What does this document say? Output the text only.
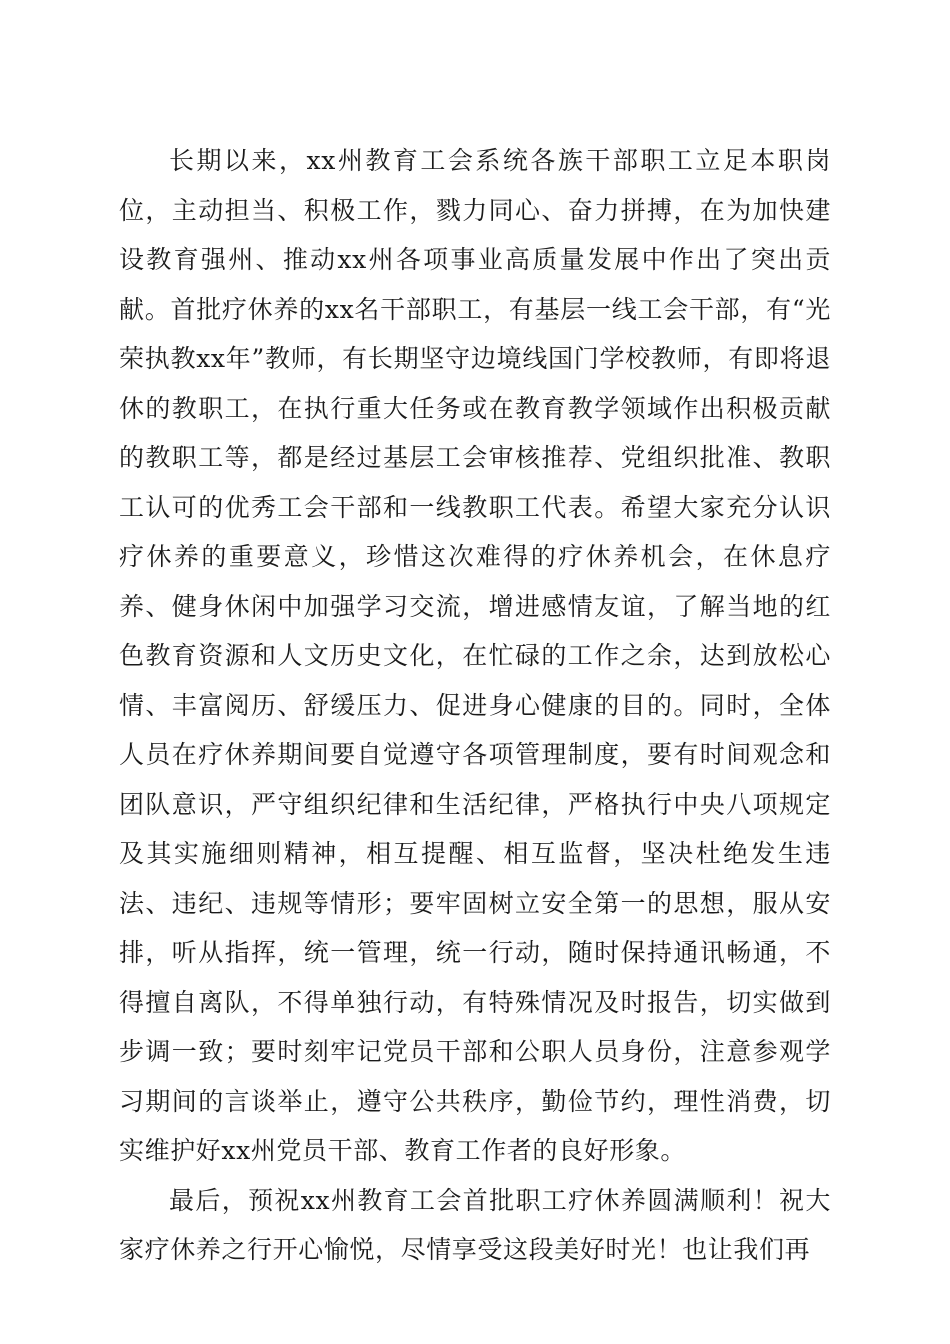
长期以来，xx州教育工会系统各族干部职工立足本职岗位，主动担当、积极工作，戮力同心、奋力拼搏，在为加快建设教育强州、推动xx州各项事业高质量发展中作出了突出贡献。首批疗休养的xx名干部职工，有基层一线工会干部，有“光荣执教xx年”教师，有长期坚守边境线国门学校教师，有即将退休的教职工，在执行重大任务或在教育教学领域作出积极贡献的教职工等，都是经过基层工会审核推荐、党组织批准、教职工认可的优秀工会干部和一线教职工代表。希望大家充分认识疗休养的重要意义，珍惜这次难得的疗休养机会，在休息疗养、健身休闲中加强学习交流，增进感情友谊，了解当地的红色教育资源和人文历史文化，在忙碌的工作之余，达到放松心情、丰富阅历、舒缓压力、促进身心健康的目的。同时，全体人员在疗休养期间要自觉遵守各项管理制度，要有时间观念和团队意识，严守组织纪律和生活纪律，严格执行中央八项规定及其实施细则精神，相互提醒、相互监督，坚决杜绝发生违法、违纪、违规等情形；要牢固树立安全第一的思想，服从安排，听从指挥，统一管理，统一行动，随时保持通讯畅通，不得擅自离队，不得单独行动，有特殊情况及时报告，切实做到步调一致；要时刻牢记党员干部和公职人员身份，注意参观学习期间的言谈举止，遵守公共秩序，勤俭节约，理性消费，切实维护好xx州党员干部、教育工作者的良好形象。

最后，预祝xx州教育工会首批职工疗休养圆满顺利！祝大家疗休养之行开心愉悦，尽情享受这段美好时光！也让我们再
